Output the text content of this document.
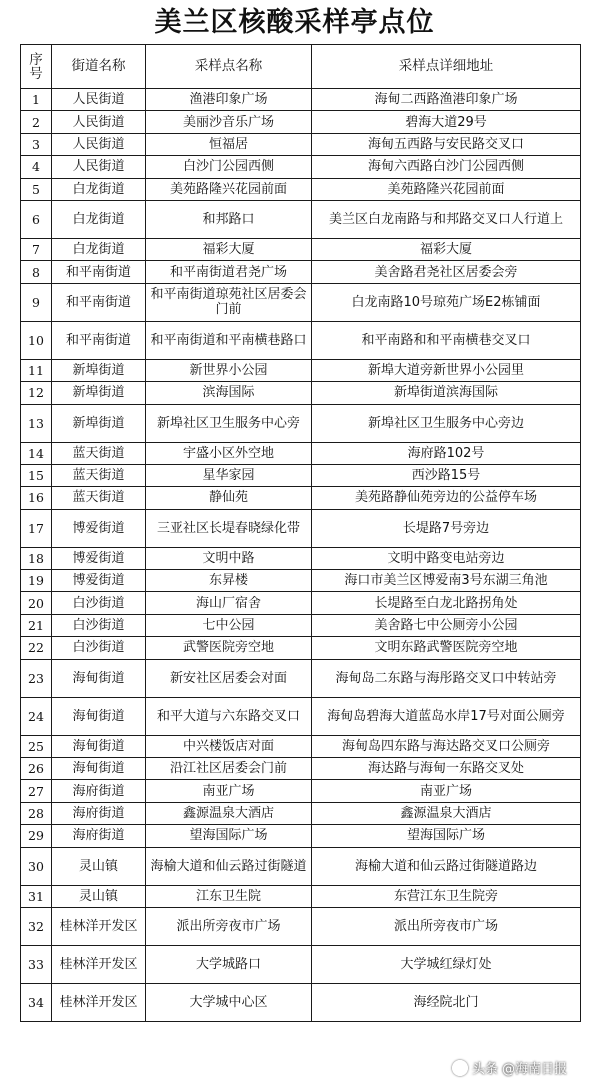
美兰区核酸采样亭点位
序号	街道名称	采样点名称	采样点详细地址
1	人民街道	渔港印象广场	海甸二西路渔港印象广场
2	人民街道	美丽沙音乐广场	碧海大道29号
3	人民街道	恒福居	海甸五西路与安民路交叉口
4	人民街道	白沙门公园西侧	海甸六西路白沙门公园西侧
5	白龙街道	美苑路隆兴花园前面	美苑路隆兴花园前面
6	白龙街道	和邦路口	美兰区白龙南路与和邦路交叉口人行道上
7	白龙街道	福彩大厦	福彩大厦
8	和平南街道	和平南街道君尧广场	美舍路君尧社区居委会旁
9	和平南街道	和平南街道琼苑社区居委会门前	白龙南路10号琼苑广场E2栋铺面
10	和平南街道	和平南街道和平南横巷路口	和平南路和和平南横巷交叉口
11	新埠街道	新世界小公园	新埠大道旁新世界小公园里
12	新埠街道	滨海国际	新埠街道滨海国际
13	新埠街道	新埠社区卫生服务中心旁	新埠社区卫生服务中心旁边
14	蓝天街道	宇盛小区外空地	海府路102号
15	蓝天街道	星华家园	西沙路15号
16	蓝天街道	静仙苑	美苑路静仙苑旁边的公益停车场
17	博爱街道	三亚社区长堤春晓绿化带	长堤路7号旁边
18	博爱街道	文明中路	文明中路变电站旁边
19	博爱街道	东昇楼	海口市美兰区博爱南3号东湖三角池
20	白沙街道	海山厂宿舍	长堤路至白龙北路拐角处
21	白沙街道	七中公园	美舍路七中公厕旁小公园
22	白沙街道	武警医院旁空地	文明东路武警医院旁空地
23	海甸街道	新安社区居委会对面	海甸岛二东路与海彤路交叉口中转站旁
24	海甸街道	和平大道与六东路交叉口	海甸岛碧海大道蓝岛水岸17号对面公厕旁
25	海甸街道	中兴楼饭店对面	海甸岛四东路与海达路交叉口公厕旁
26	海甸街道	沿江社区居委会门前	海达路与海甸一东路交叉处
27	海府街道	南亚广场	南亚广场
28	海府街道	鑫源温泉大酒店	鑫源温泉大酒店
29	海府街道	望海国际广场	望海国际广场
30	灵山镇	海榆大道和仙云路过街隧道	海榆大道和仙云路过街隧道路边
31	灵山镇	江东卫生院	东营江东卫生院旁
32	桂林洋开发区	派出所旁夜市广场	派出所旁夜市广场
33	桂林洋开发区	大学城路口	大学城红绿灯处
34	桂林洋开发区	大学城中心区	海经院北门
头条 @海南日报
